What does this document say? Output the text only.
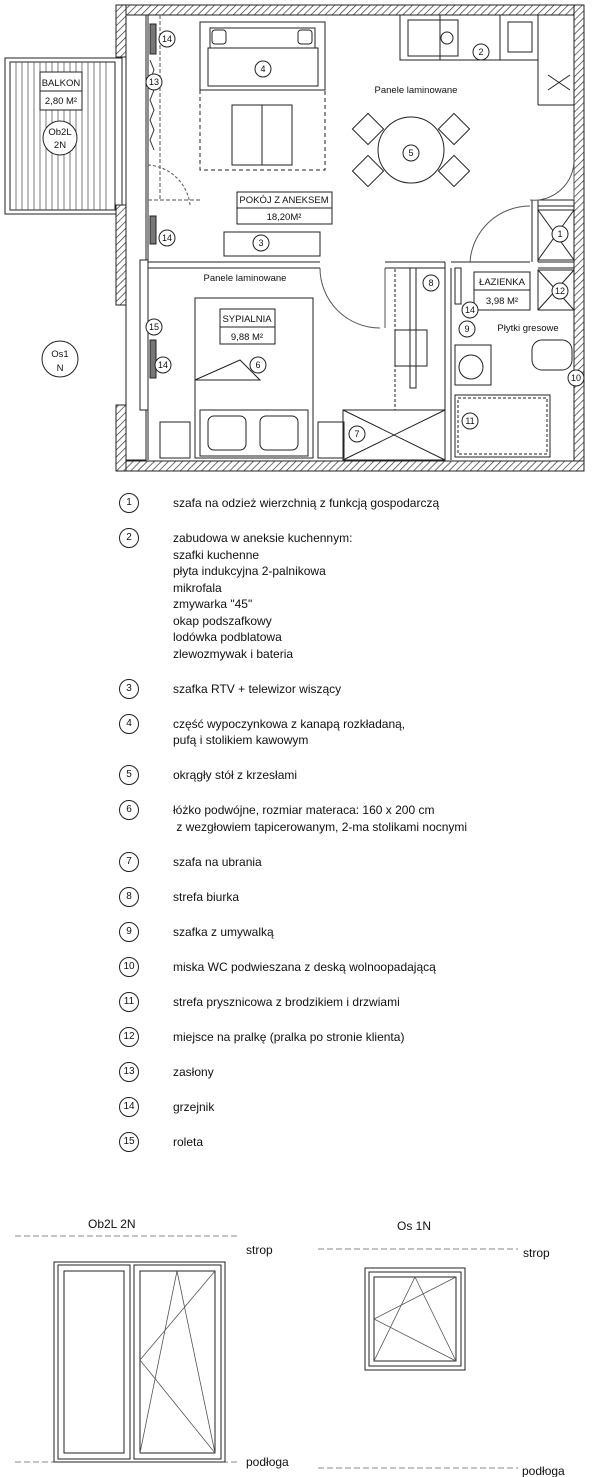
BALKON
2,80 M²
Ob2L
2N
Os1
N
POKÓJ Z ANEKSEM
18,20M²
Panele laminowane
SYPIALNIA
9,88 M²
Panele laminowane	ŁAZIENKA
3,98 M²
Płytki gresowe
14
13
4
2
5
3
14	1
12
8
14
9
15
6
14
10
7
11
1	szafa na odzież wierzchnią z funkcją gospodarczą
2	zabudowa w aneksie kuchennym:
szafki kuchenne
płyta indukcyjna 2-palnikowa
mikrofala
zmywarka "45"
okap podszafkowy
lodówka podblatowa
zlewozmywak i bateria
3	szafka RTV + telewizor wiszący
4	część wypoczynkowa z kanapą rozkładaną,
pufą i stolikiem kawowym
5	okrągły stół z krzesłami
6	łóżko podwójne, rozmiar materaca: 160 x 200 cm
z wezgłowiem tapicerowanym, 2-ma stolikami nocnymi
7	szafa na ubrania
8	strefa biurka
9	szafka z umywalką
10	miska WC podwieszana z deską wolnoopadającą
11	strefa prysznicowa z brodzikiem i drzwiami
12	miejsce na pralkę (pralka po stronie klienta)
13	zasłony
14	grzejnik
15	roleta
Ob2L 2N
strop
podłoga
Os 1N
strop
podłoga
